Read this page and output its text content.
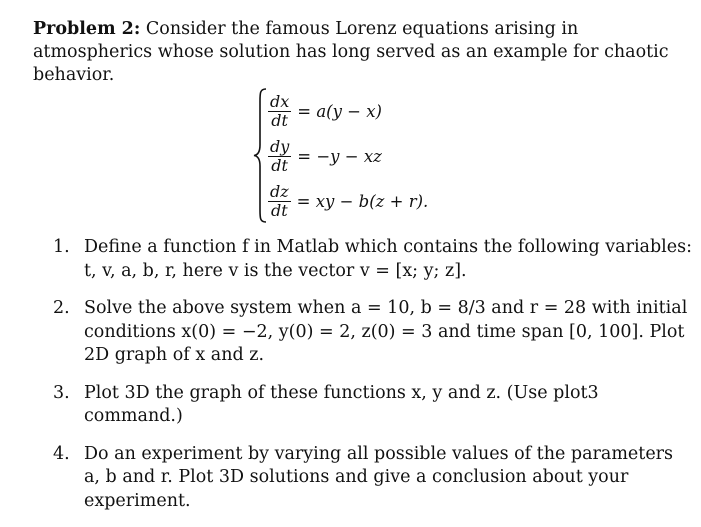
Problem 2: Consider the famous Lorenz equations arising in atmospherics whose solution has long served as an example for chaotic behavior.
$\frac{dx}{dt} = a(y - x)$
$\frac{dy}{dt} = -y$ − xz
$\frac{dz}{dt}$ = xy − b(z + r).
1. Define a function f in Matlab which contains the following variables: t, v, a, b, r, here v is the vector v = [x; y; z].
2. Solve the above system when a = 10, b = 8/3 and r = 28 with initial conditions x(0) = −2, y(0) = 2, z(0) = 3 and time span [0, 100]. Plot 2D graph of x and z.
3. Plot 3D the graph of these functions x, y and z. (Use plot3 command.)
4. Do an experiment by varying all possible values of the parameters a, b and r. Plot 3D solutions and give a conclusion about your experiment.
